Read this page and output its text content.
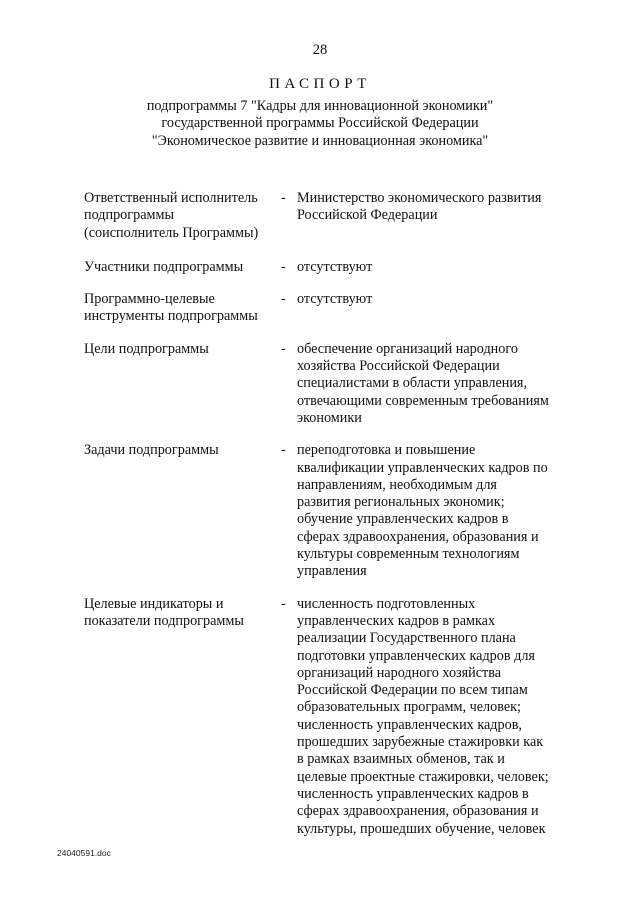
28
ПАСПОРТ
подпрограммы 7 "Кадры для инновационной экономики"
государственной программы Российской Федерации
"Экономическое развитие и инновационная экономика"
Ответственный исполнитель
подпрограммы
(соисполнитель Программы)
- Министерство экономического развития
Российской Федерации
Участники подпрограммы	- отсутствуют
Программно-целевые
инструменты подпрограммы
- отсутствуют
Цели подпрограммы	- обеспечение организаций народного
хозяйства Российской Федерации
специалистами в области управления,
отвечающими современным требованиям
экономики
Задачи подпрограммы	- переподготовка и повышение
квалификации управленческих кадров по
направлениям, необходимым для
развития региональных экономик;
обучение управленческих кадров в
сферах здравоохранения, образования и
культуры современным технологиям
управления
Целевые индикаторы и
показатели подпрограммы
- численность подготовленных
управленческих кадров в рамках
реализации Государственного плана
подготовки управленческих кадров для
организаций народного хозяйства
Российской Федерации по всем типам
образовательных программ, человек;
численность управленческих кадров,
прошедших зарубежные стажировки как
в рамках взаимных обменов, так и
целевые проектные стажировки, человек;
численность управленческих кадров в
сферах здравоохранения, образования и
культуры, прошедших обучение, человек
24040591.doc
